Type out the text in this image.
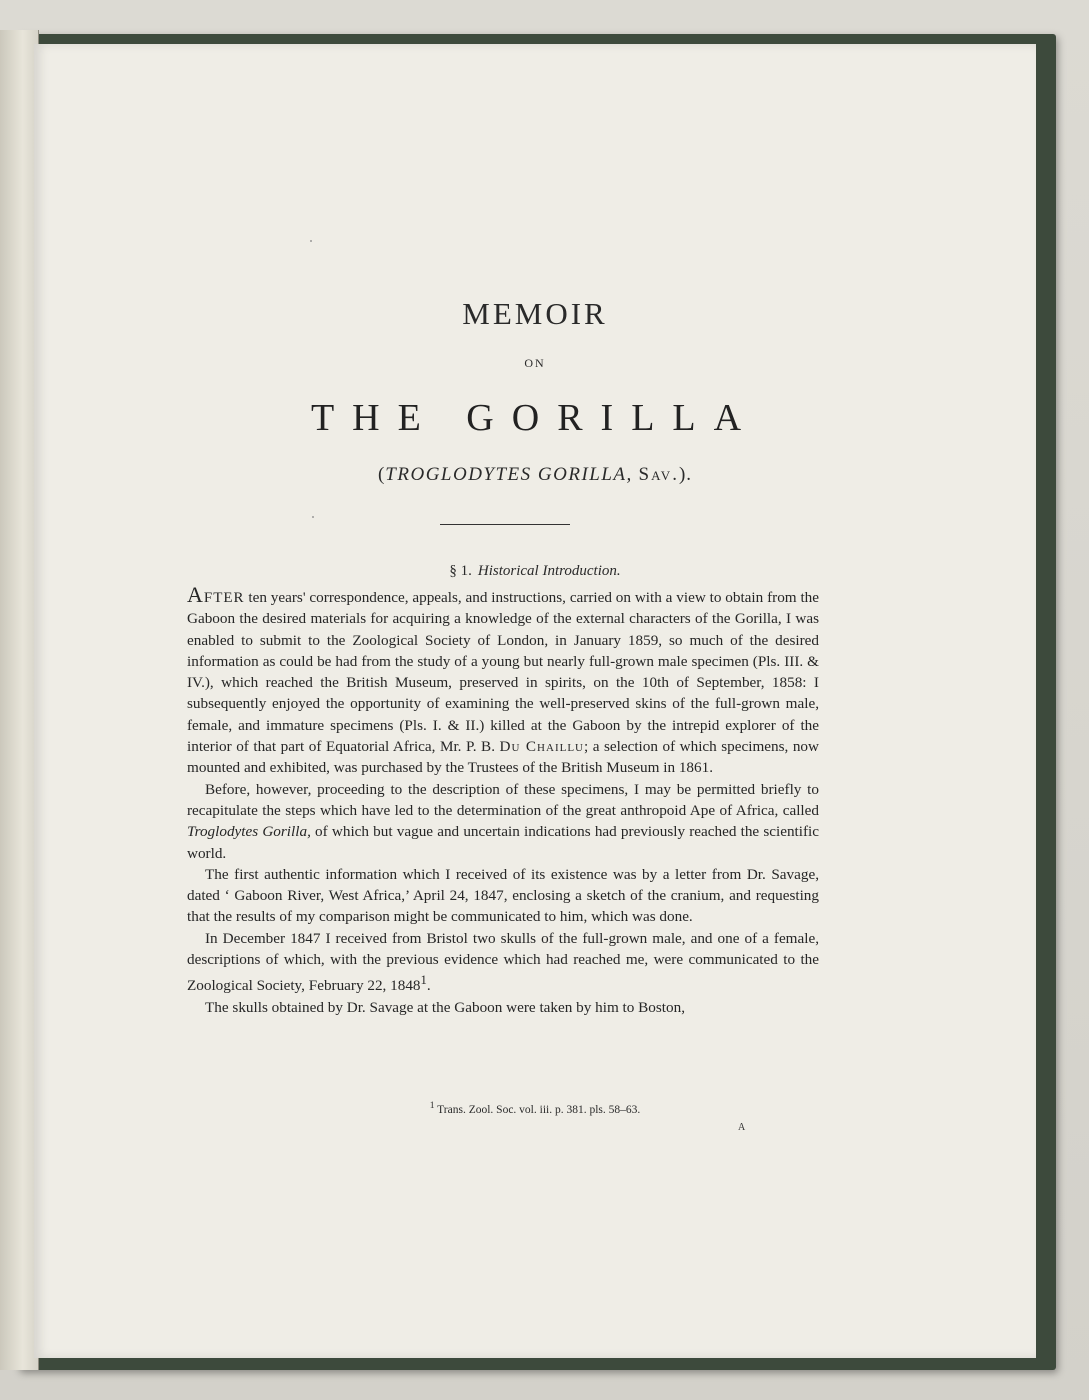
MEMOIR
ON
THE GORILLA
(TROGLODYTES GORILLA, Sav.).
§ 1. Historical Introduction.

After ten years' correspondence, appeals, and instructions, carried on with a view to obtain from the Gaboon the desired materials for acquiring a knowledge of the external characters of the Gorilla, I was enabled to submit to the Zoological Society of London, in January 1859, so much of the desired information as could be had from the study of a young but nearly full-grown male specimen (Pls. III. & IV.), which reached the British Museum, preserved in spirits, on the 10th of September, 1858: I subsequently enjoyed the opportunity of examining the well-preserved skins of the full-grown male, female, and immature specimens (Pls. I. & II.) killed at the Gaboon by the intrepid explorer of the interior of that part of Equatorial Africa, Mr. P. B. Du Chaillu; a selection of which specimens, now mounted and exhibited, was purchased by the Trustees of the British Museum in 1861.

Before, however, proceeding to the description of these specimens, I may be permitted briefly to recapitulate the steps which have led to the determination of the great anthropoid Ape of Africa, called Troglodytes Gorilla, of which but vague and uncertain indications had previously reached the scientific world.

The first authentic information which I received of its existence was by a letter from Dr. Savage, dated ‘ Gaboon River, West Africa,’ April 24, 1847, enclosing a sketch of the cranium, and requesting that the results of my comparison might be communicated to him, which was done.

In December 1847 I received from Bristol two skulls of the full-grown male, and one of a female, descriptions of which, with the previous evidence which had reached me, were communicated to the Zoological Society, February 22, 1848$^1$.

The skulls obtained by Dr. Savage at the Gaboon were taken by him to Boston,

$^1$ Trans. Zool. Soc. vol. iii. p. 381. pls. 58–63.
A
